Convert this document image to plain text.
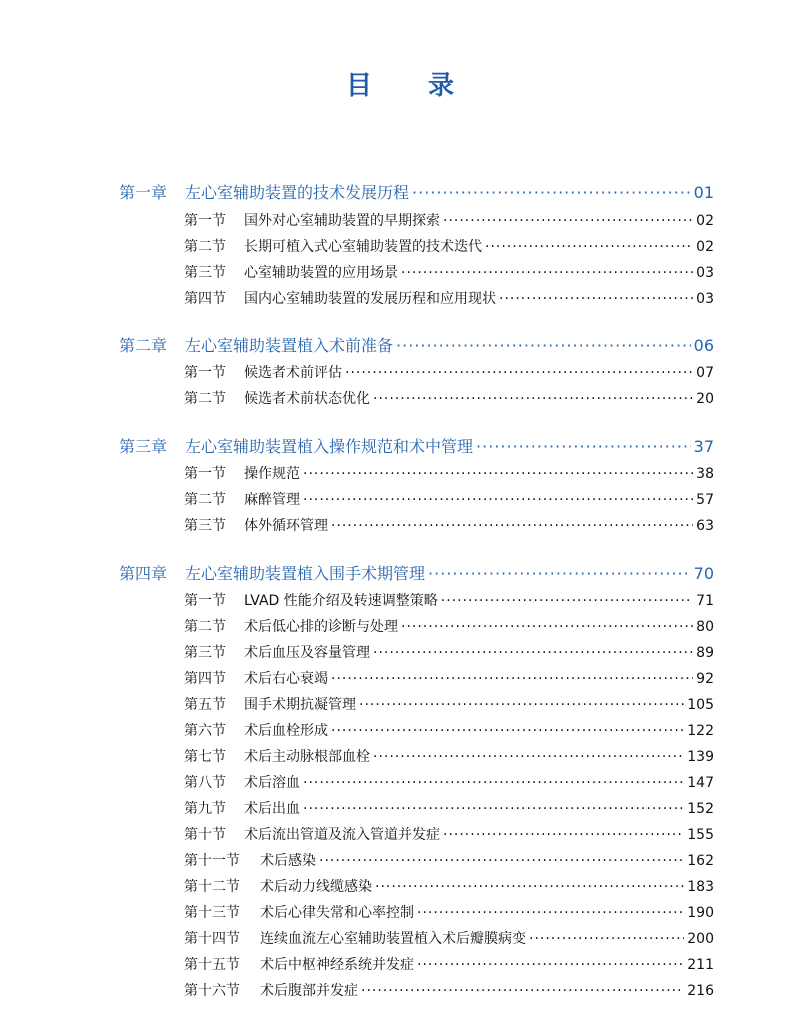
目 录
第一章	左心室辅助装置的技术发展历程 ·····	01
第一节	国外对心室辅助装置的早期探索 ·····	02
第二节	长期可植入式心室辅助装置的技术迭代 ·····	02
第三节	心室辅助装置的应用场景 ·····	03
第四节	国内心室辅助装置的发展历程和应用现状 ·····	03
第二章	左心室辅助装置植入术前准备 ·····	06
第一节	候选者术前评估 ·····	07
第二节	候选者术前状态优化 ·····	20
第三章	左心室辅助装置植入操作规范和术中管理 ·····	37
第一节	操作规范 ·····	38
第二节	麻醉管理 ·····	57
第三节	体外循环管理 ·····	63
第四章	左心室辅助装置植入围手术期管理 ·····	70
第一节	LVAD 性能介绍及转速调整策略 ·····	71
第二节	术后低心排的诊断与处理 ·····	80
第三节	术后血压及容量管理 ·····	89
第四节	术后右心衰竭 ·····	92
第五节	围手术期抗凝管理 ·····	105
第六节	术后血栓形成 ·····	122
第七节	术后主动脉根部血栓 ·····	139
第八节	术后溶血 ·····	147
第九节	术后出血 ·····	152
第十节	术后流出管道及流入管道并发症 ·····	155
第十一节	术后感染 ·····	162
第十二节	术后动力线缆感染 ·····	183
第十三节	术后心律失常和心率控制 ·····	190
第十四节	连续血流左心室辅助装置植入术后瓣膜病变 ·····	200
第十五节	术后中枢神经系统并发症 ·····	211
第十六节	术后腹部并发症 ·····	216
